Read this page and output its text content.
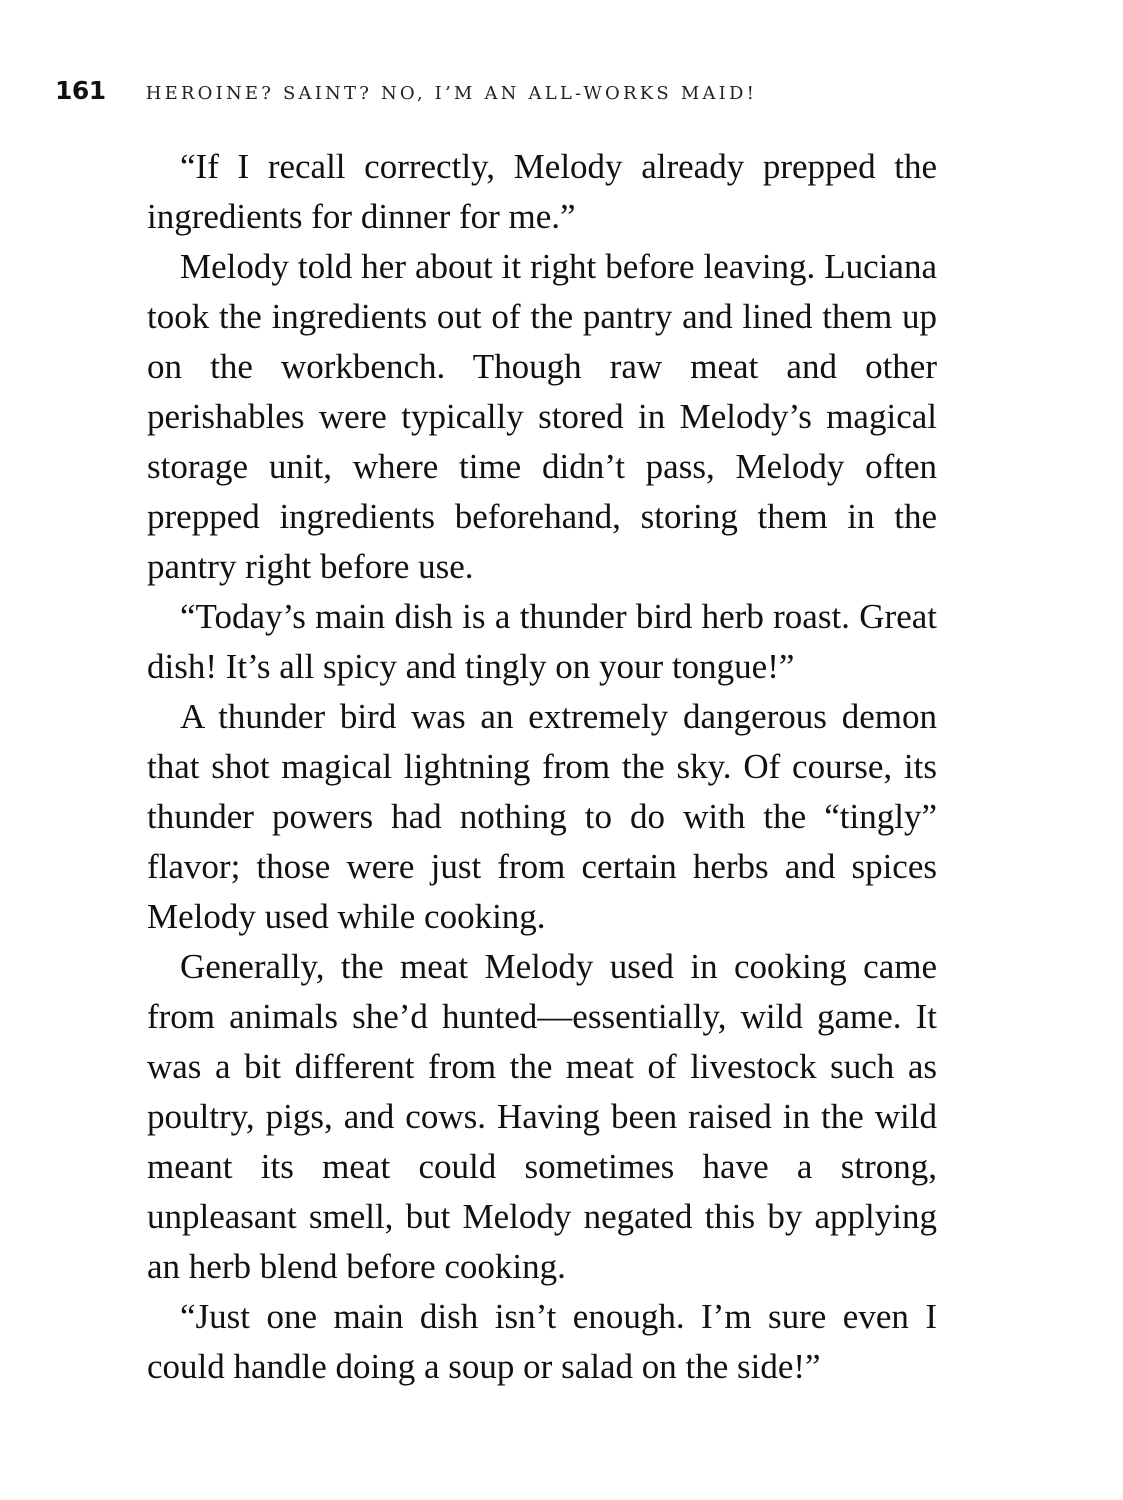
161 HEROINE? SAINT? NO, I’M AN ALL-WORKS MAID!

“If I recall correctly, Melody already prepped the ingredients for dinner for me.”

Melody told her about it right before leaving. Luciana took the ingredients out of the pantry and lined them up on the workbench. Though raw meat and other perishables were typically stored in Melody’s magical storage unit, where time didn’t pass, Melody often prepped ingredients beforehand, storing them in the pantry right before use.

“Today’s main dish is a thunder bird herb roast. Great dish! It’s all spicy and tingly on your tongue!”

A thunder bird was an extremely dangerous demon that shot magical lightning from the sky. Of course, its thunder powers had nothing to do with the “tingly” flavor; those were just from certain herbs and spices Melody used while cooking.

Generally, the meat Melody used in cooking came from animals she’d hunted—essentially, wild game. It was a bit different from the meat of livestock such as poultry, pigs, and cows. Having been raised in the wild meant its meat could sometimes have a strong, unpleasant smell, but Melody negated this by applying an herb blend before cooking.

“Just one main dish isn’t enough. I’m sure even I could handle doing a soup or salad on the side!”
